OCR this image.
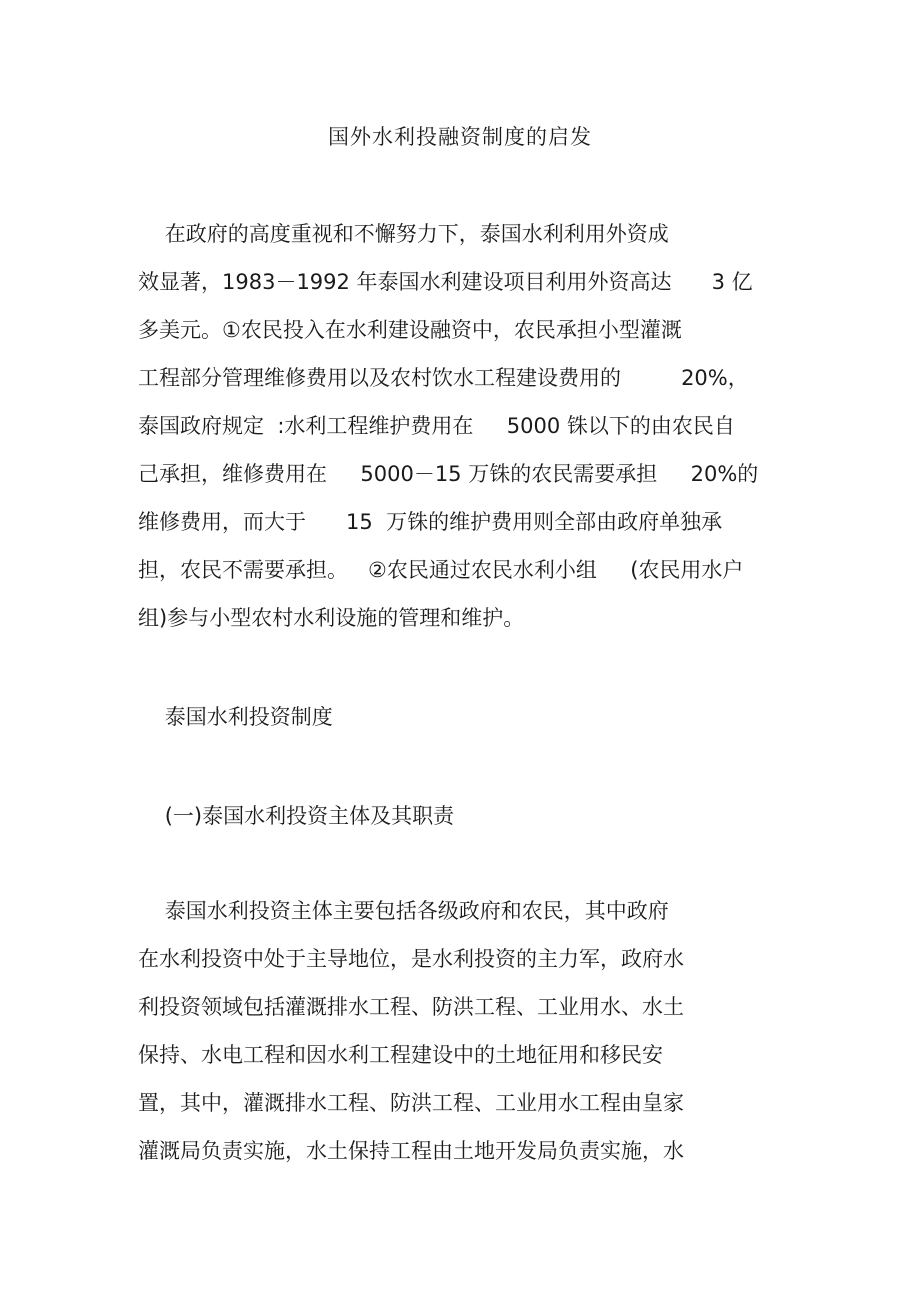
国外水利投融资制度的启发
在政府的高度重视和不懈努力下，泰国水利利用外资成
效显著，1983－1992 年泰国水利建设项目利用外资高达      3 亿
多美元。①农民投入在水利建设融资中，农民承担小型灌溉
工程部分管理维修费用以及农村饮水工程建设费用的         20%，
泰国政府规定  :水利工程维护费用在     5000 铢以下的由农民自
己承担，维修费用在     5000－15 万铢的农民需要承担     20%的
维修费用，而大于      15  万铢的维护费用则全部由政府单独承
担，农民不需要承担。   ②农民通过农民水利小组     (农民用水户
组)参与小型农村水利设施的管理和维护。
泰国水利投资制度
(一)泰国水利投资主体及其职责
泰国水利投资主体主要包括各级政府和农民，其中政府
在水利投资中处于主导地位，是水利投资的主力军，政府水
利投资领域包括灌溉排水工程、防洪工程、工业用水、水土
保持、水电工程和因水利工程建设中的土地征用和移民安
置，其中，灌溉排水工程、防洪工程、工业用水工程由皇家
灌溉局负责实施，水土保持工程由土地开发局负责实施，水
